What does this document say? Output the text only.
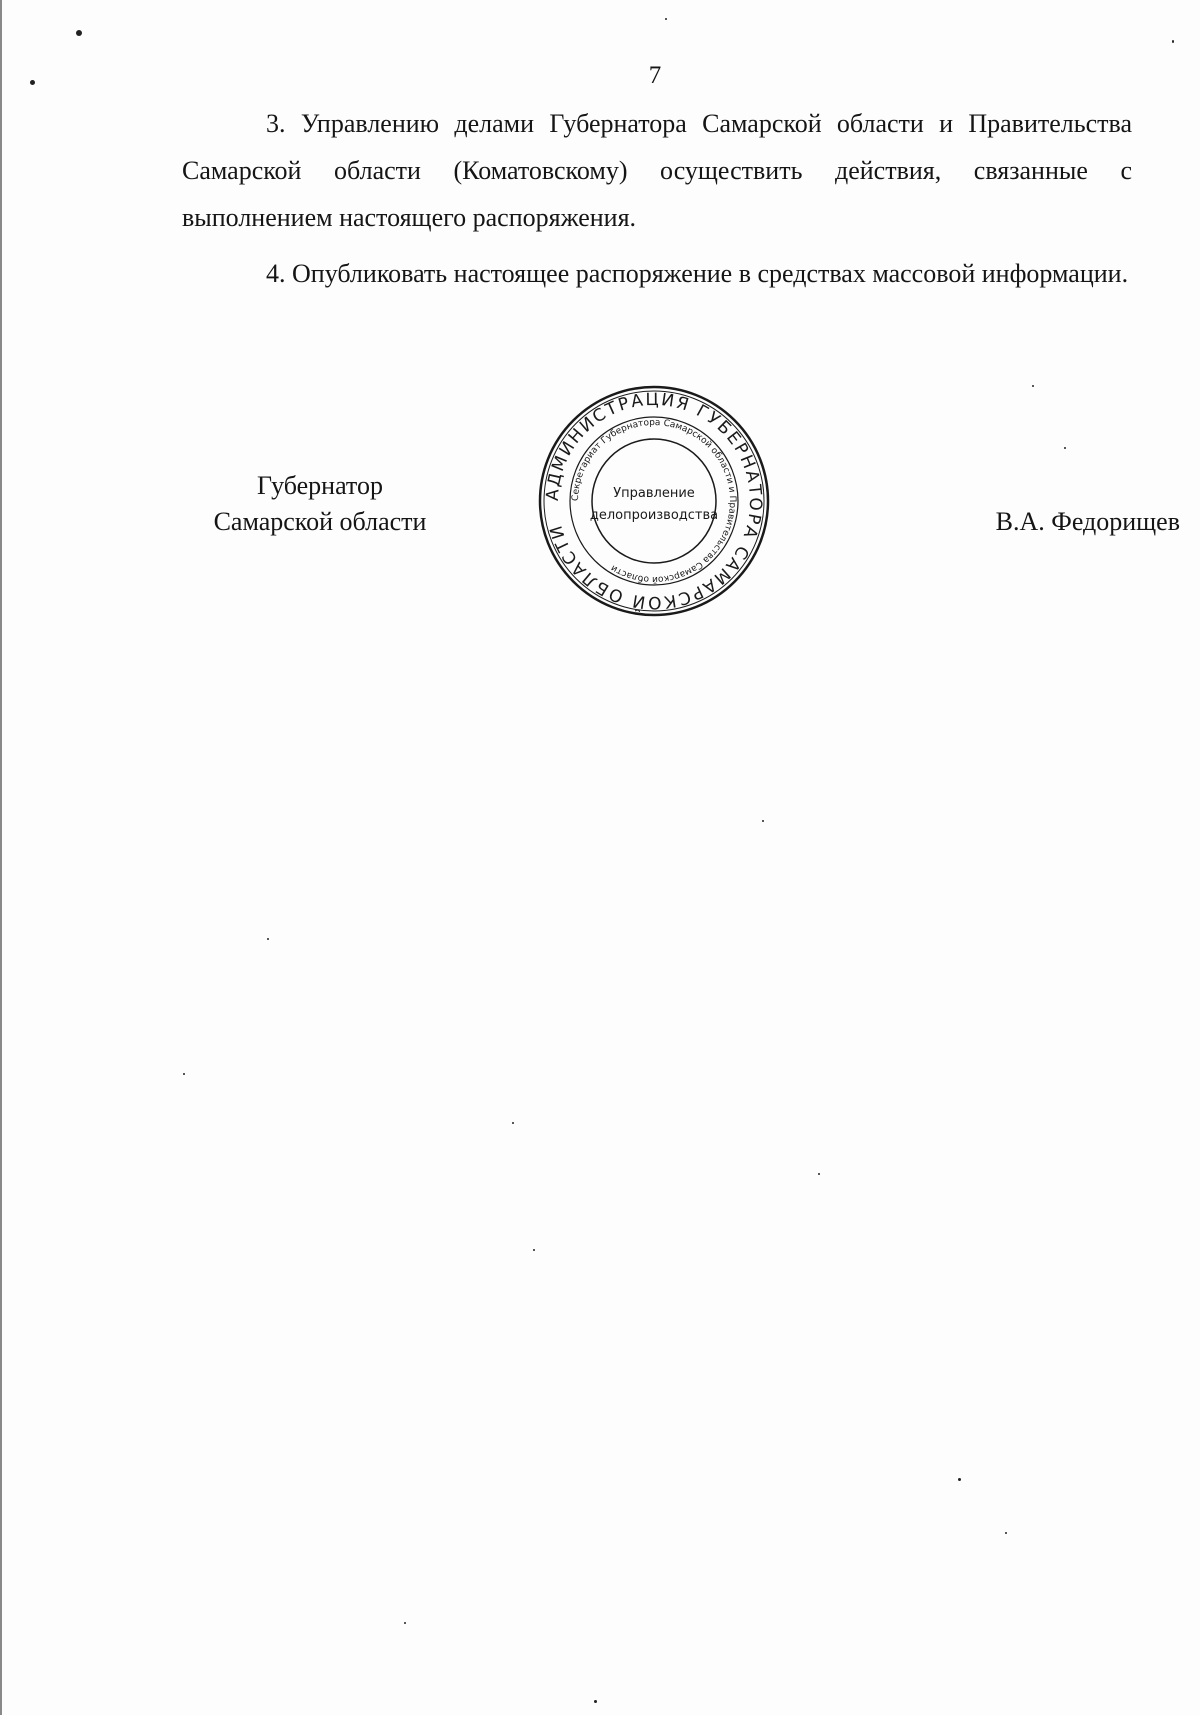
7

3. Управлению делами Губернатора Самарской области и Правительства Самарской области (Коматовскому) осуществить действия, связанные с выполнением настоящего распоряжения.

4. Опубликовать настоящее распоряжение в средствах массовой информации.

Губернатор
Самарской области
АДМИНИСТРАЦИЯ ГУБЕРНАТОРА САМАРСКОЙ ОБЛАСТИ
Секретариат Губернатора Самарской области и Правительства Самарской области
Управление
делопроизводства	В.А. Федорищев
